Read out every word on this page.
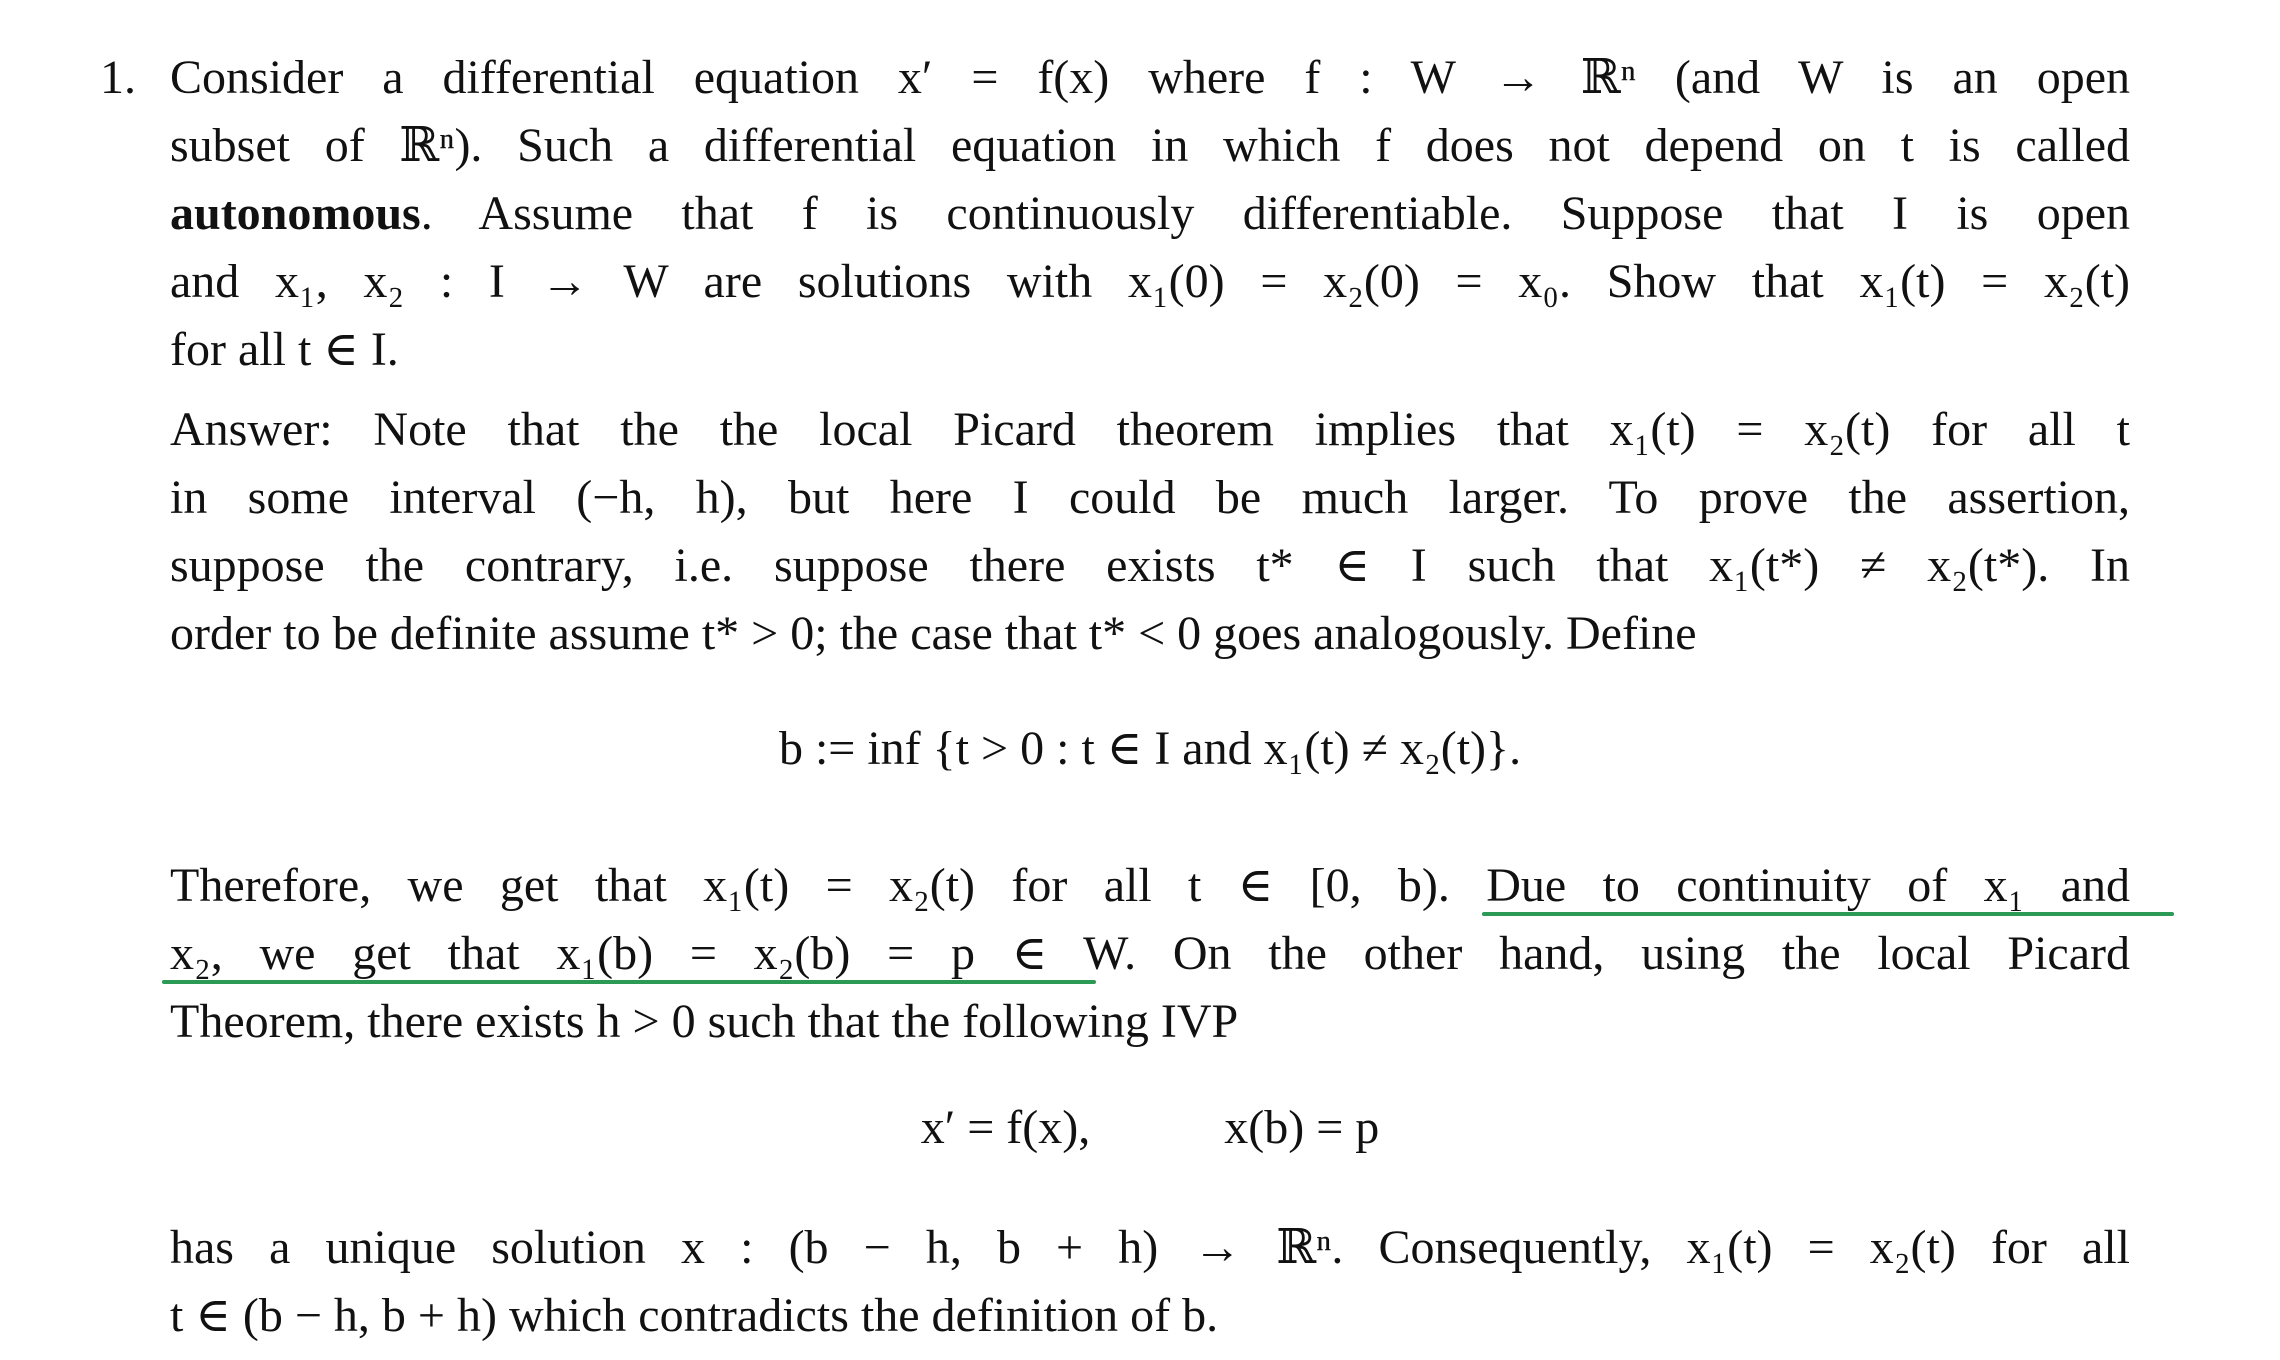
1. Consider a differential equation x′ = f(x) where f : W → ℝⁿ (and W is an open
subset of ℝⁿ). Such a differential equation in which f does not depend on t is called
autonomous. Assume that f is continuously differentiable. Suppose that I is open
and x₁, x₂ : I → W are solutions with x₁(0) = x₂(0) = x₀. Show that x₁(t) = x₂(t)
for all t ∈ I.
Answer: Note that the the local Picard theorem implies that x₁(t) = x₂(t) for all t
in some interval (−h, h), but here I could be much larger. To prove the assertion,
suppose the contrary, i.e. suppose there exists t* ∈ I such that x₁(t*) ≠ x₂(t*). In
order to be definite assume t* > 0; the case that t* < 0 goes analogously. Define
b := inf {t > 0 : t ∈ I and x₁(t) ≠ x₂(t)}.
Therefore, we get that x₁(t) = x₂(t) for all t ∈ [0, b). Due to continuity of x₁ and
x₂, we get that x₁(b) = x₂(b) = p ∈ W. On the other hand, using the local Picard
Theorem, there exists h > 0 such that the following IVP
x′ = f(x),	x(b) = p
has a unique solution x : (b − h, b + h) → ℝⁿ. Consequently, x₁(t) = x₂(t) for all
t ∈ (b − h, b + h) which contradicts the definition of b.
